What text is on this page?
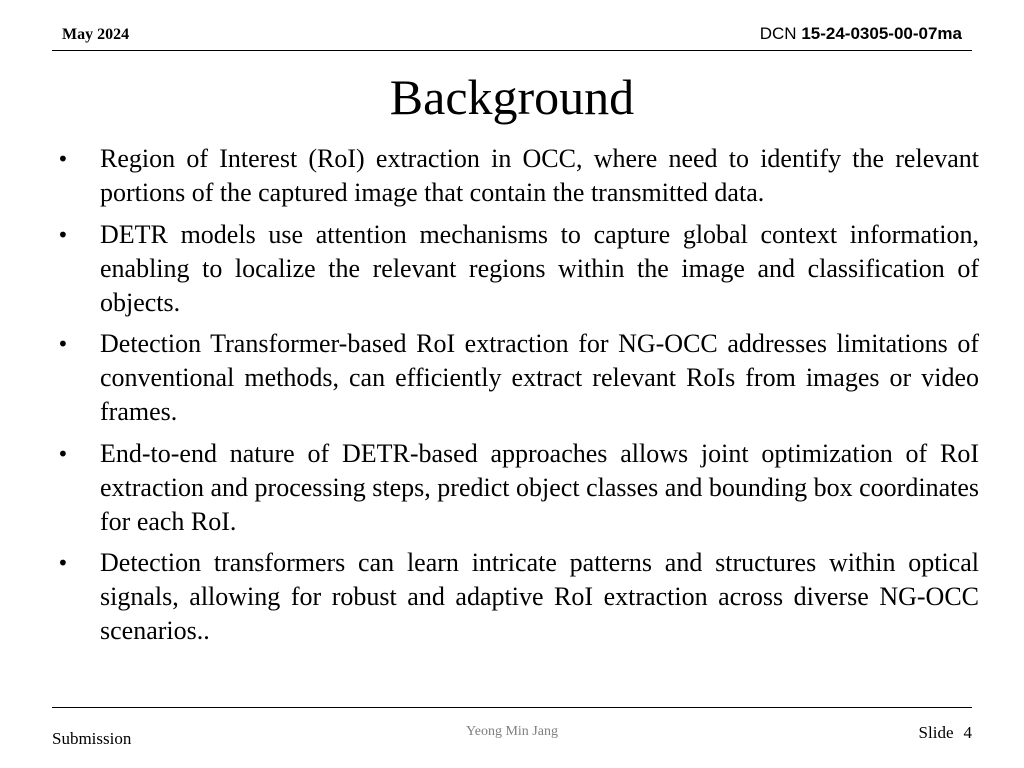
May 2024	DCN 15-24-0305-00-07ma
Background
• Region of Interest (RoI) extraction in OCC, where need to identify the relevant portions of the captured image that contain the transmitted data.
• DETR models use attention mechanisms to capture global context information, enabling to localize the relevant regions within the image and classification of objects.
• Detection Transformer-based RoI extraction for NG-OCC addresses limitations of conventional methods, can efficiently extract relevant RoIs from images or video frames.
• End-to-end nature of DETR-based approaches allows joint optimization of RoI extraction and processing steps, predict object classes and bounding box coordinates for each RoI.
• Detection transformers can learn intricate patterns and structures within optical signals, allowing for robust and adaptive RoI extraction across diverse NG-OCC scenarios..
Submission	Yeong Min Jang	Slide 4
